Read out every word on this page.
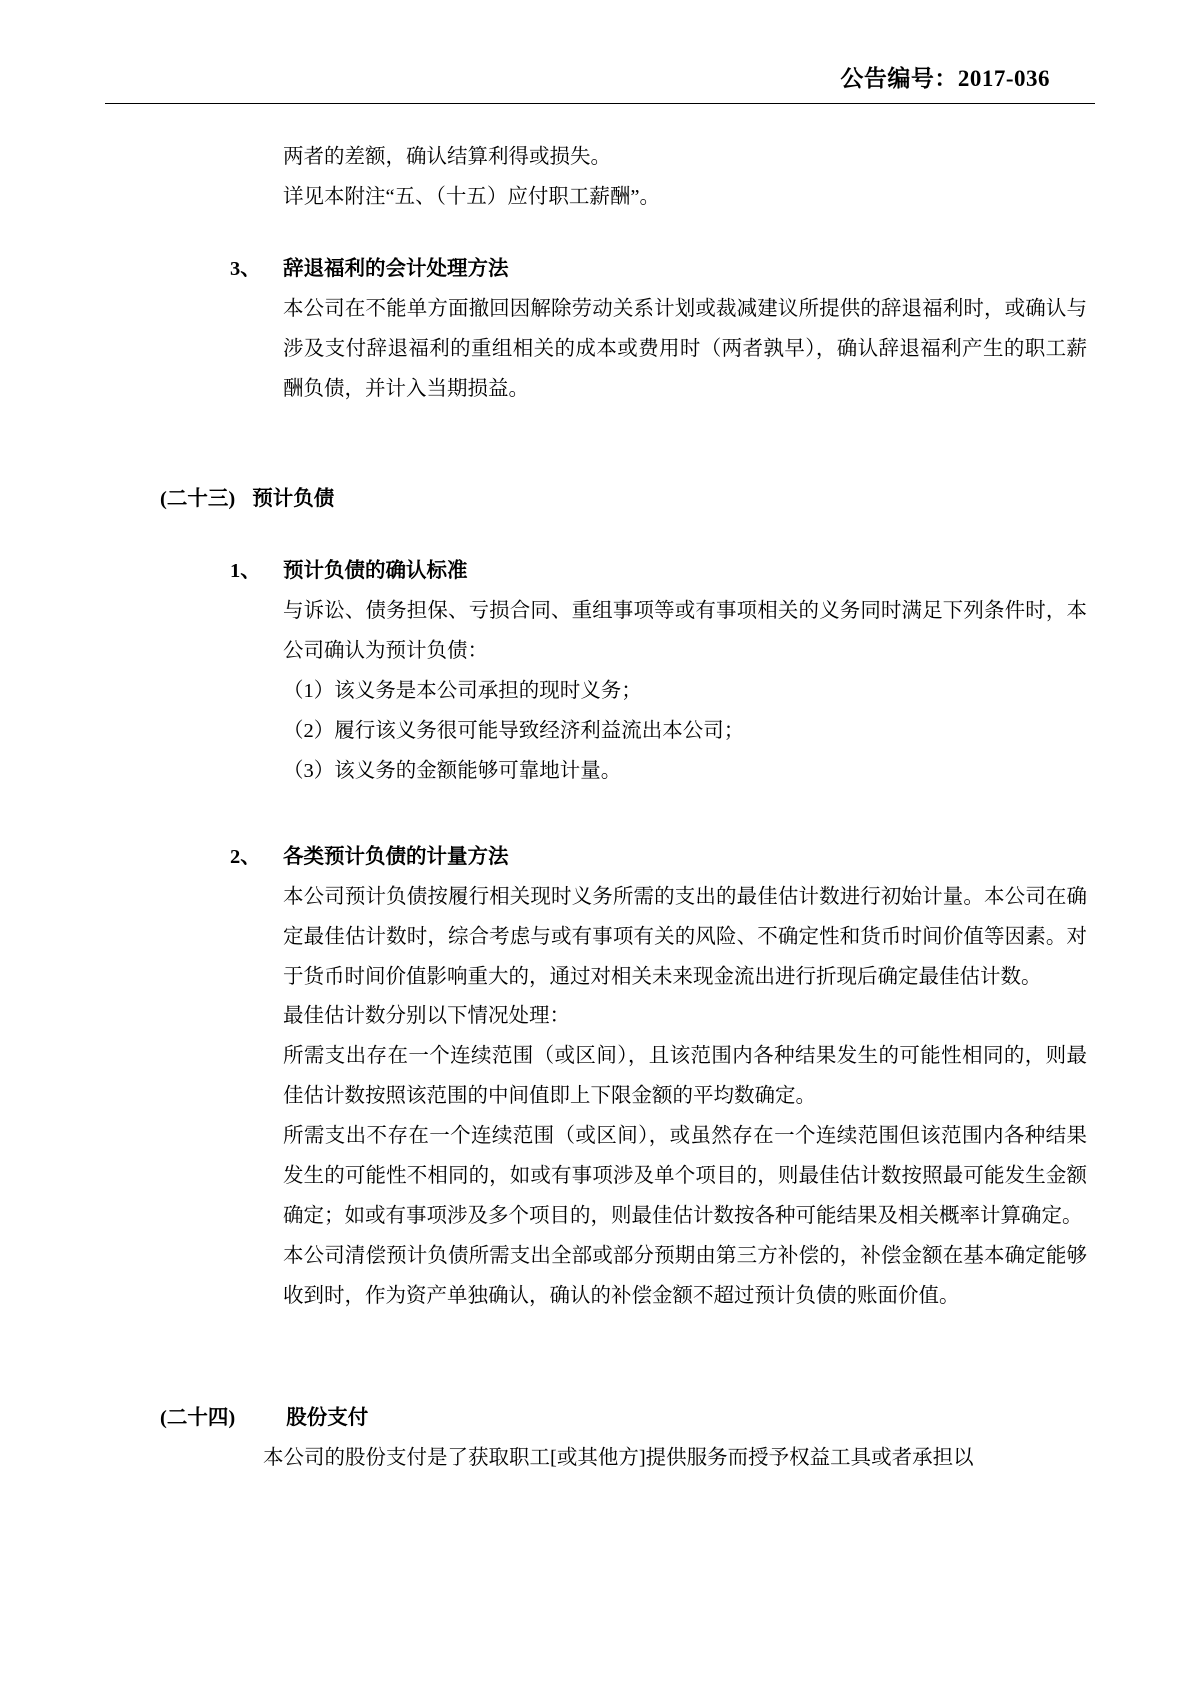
公告编号：2017-036

两者的差额，确认结算利得或损失。

详见本附注“五、（十五）应付职工薪酬”。

3、	辞退福利的会计处理方法

本公司在不能单方面撤回因解除劳动关系计划或裁减建议所提供的辞退福利时，或确认与涉及支付辞退福利的重组相关的成本或费用时（两者孰早），确认辞退福利产生的职工薪酬负债，并计入当期损益。

(二十三) 预计负债
1、	预计负债的确认标准

与诉讼、债务担保、亏损合同、重组事项等或有事项相关的义务同时满足下列条件时，本公司确认为预计负债：

（1）该义务是本公司承担的现时义务；

（2）履行该义务很可能导致经济利益流出本公司；

（3）该义务的金额能够可靠地计量。

2、	各类预计负债的计量方法

本公司预计负债按履行相关现时义务所需的支出的最佳估计数进行初始计量。本公司在确定最佳估计数时，综合考虑与或有事项有关的风险、不确定性和货币时间价值等因素。对于货币时间价值影响重大的，通过对相关未来现金流出进行折现后确定最佳估计数。

最佳估计数分别以下情况处理：

所需支出存在一个连续范围（或区间），且该范围内各种结果发生的可能性相同的，则最佳估计数按照该范围的中间值即上下限金额的平均数确定。

所需支出不存在一个连续范围（或区间），或虽然存在一个连续范围但该范围内各种结果发生的可能性不相同的，如或有事项涉及单个项目的，则最佳估计数按照最可能发生金额确定；如或有事项涉及多个项目的，则最佳估计数按各种可能结果及相关概率计算确定。

本公司清偿预计负债所需支出全部或部分预期由第三方补偿的，补偿金额在基本确定能够收到时，作为资产单独确认，确认的补偿金额不超过预计负债的账面价值。

(二十四) 股份支付

本公司的股份支付是了获取职工[或其他方]提供服务而授予权益工具或者承担以
